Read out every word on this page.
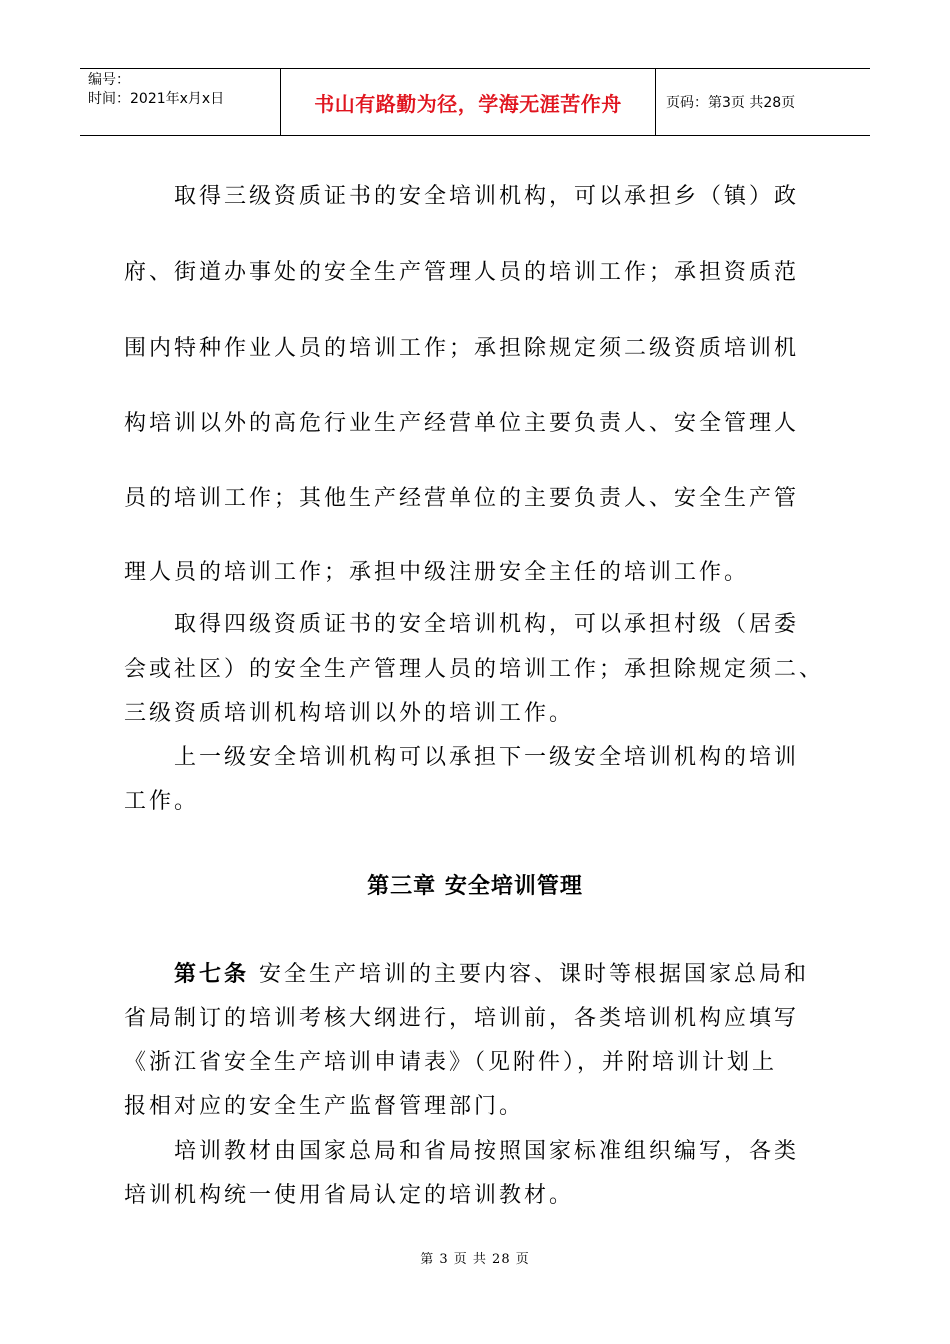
编号：
时间：2021年x月x日	书山有路勤为径，学海无涯苦作舟	页码：第3页 共28页
　　取得三级资质证书的安全培训机构，可以承担乡（镇）政
府、街道办事处的安全生产管理人员的培训工作；承担资质范
围内特种作业人员的培训工作；承担除规定须二级资质培训机
构培训以外的高危行业生产经营单位主要负责人、安全管理人
员的培训工作；其他生产经营单位的主要负责人、安全生产管
理人员的培训工作；承担中级注册安全主任的培训工作。
　　取得四级资质证书的安全培训机构，可以承担村级（居委
会或社区）的安全生产管理人员的培训工作；承担除规定须二、
三级资质培训机构培训以外的培训工作。
　　上一级安全培训机构可以承担下一级安全培训机构的培训
工作。
第三章 安全培训管理
　　第七条 安全生产培训的主要内容、课时等根据国家总局和
省局制订的培训考核大纲进行，培训前，各类培训机构应填写
《浙江省安全生产培训申请表》（见附件），并附培训计划上
报相对应的安全生产监督管理部门。
　　培训教材由国家总局和省局按照国家标准组织编写，各类
培训机构统一使用省局认定的培训教材。
第 3 页 共 28 页
